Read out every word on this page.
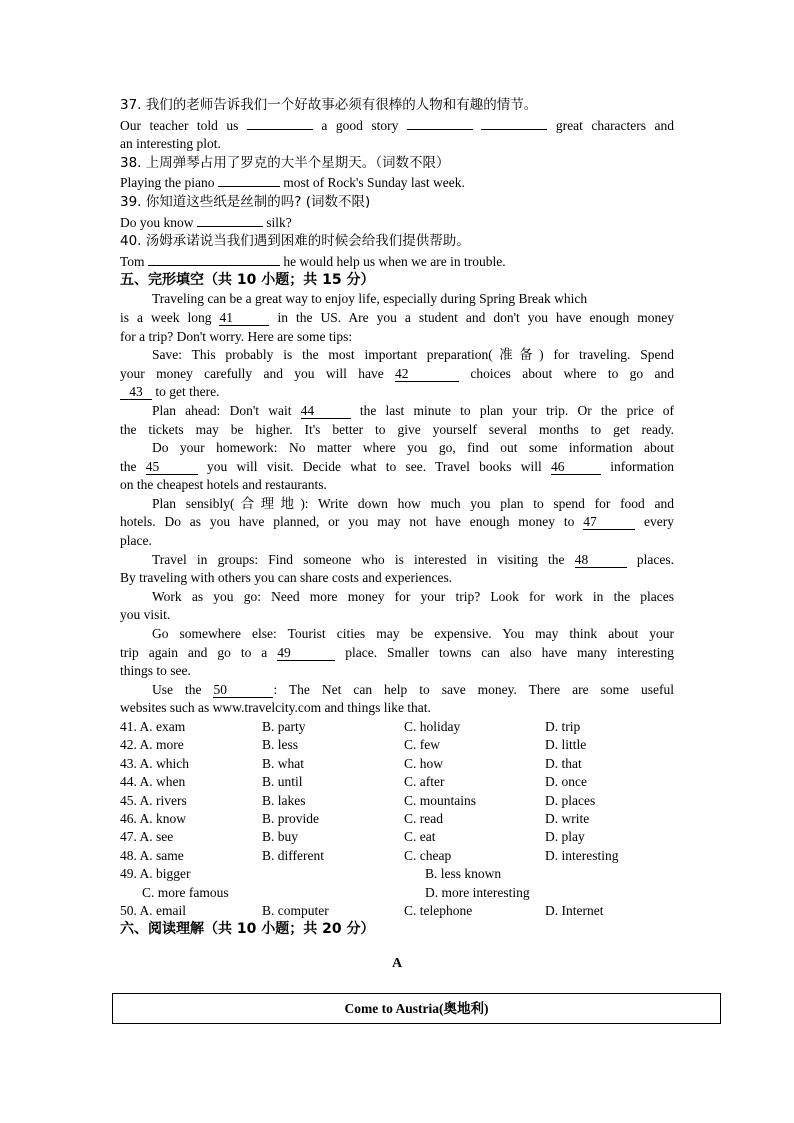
37. 我们的老师告诉我们一个好故事必须有很棒的人物和有趣的情节。
Our teacher told us	a good story	great characters and
an interesting plot.
38. 上周弹琴占用了罗克的大半个星期天。（词数不限）
Playing the piano	most of Rock's Sunday last week.
39. 你知道这些纸是丝制的吗? (词数不限)
Do you know	silk?
40. 汤姆承诺说当我们遇到困难的时候会给我们提供帮助。
Tom	he would help us when we are in trouble.
五、完形填空（共 10 小题；共 15 分）
Traveling can be a great way to enjoy life, especially during Spring Break which
is a week long 41	in the US. Are you a student and don't you have enough money
for a trip? Don't worry. Here are some tips:
Save: This probably is the most important preparation(准备) for traveling. Spend
your money carefully and you will have 42	choices about where to go and
43 to get there.
Plan ahead: Don't wait 44	the last minute to plan your trip. Or the price of
the tickets may be higher. It's better to give yourself several months to get ready.
Do your homework: No matter where you go, find out some information about
the 45	you will visit. Decide what to see. Travel books will 46	information
on the cheapest hotels and restaurants.
Plan sensibly(合理地): Write down how much you plan to spend for food and
hotels. Do as you have planned, or you may not have enough money to 47	every
place.
Travel in groups: Find someone who is interested in visiting the 48	places.
By traveling with others you can share costs and experiences.
Work as you go: Need more money for your trip? Look for work in the places
you visit.
Go somewhere else: Tourist cities may be expensive. You may think about your
trip again and go to a 49	place. Smaller towns can also have many interesting
things to see.
Use the 50	: The Net can help to save money. There are some useful
websites such as www.travelcity.com and things like that.
41. A. exam	B. party	C. holiday	D. trip
42. A. more	B. less	C. few	D. little
43. A. which	B. what	C. how	D. that
44. A. when	B. until	C. after	D. once
45. A. rivers	B. lakes	C. mountains	D. places
46. A. know	B. provide	C. read	D. write
47. A. see	B. buy	C. eat	D. play
48. A. same	B. different	C. cheap	D. interesting
49. A. bigger	B. less known
C. more famous	D. more interesting
50. A. email	B. computer	C. telephone	D. Internet
六、阅读理解（共 10 小题；共 20 分）
A
Come to Austria(奥地利)
